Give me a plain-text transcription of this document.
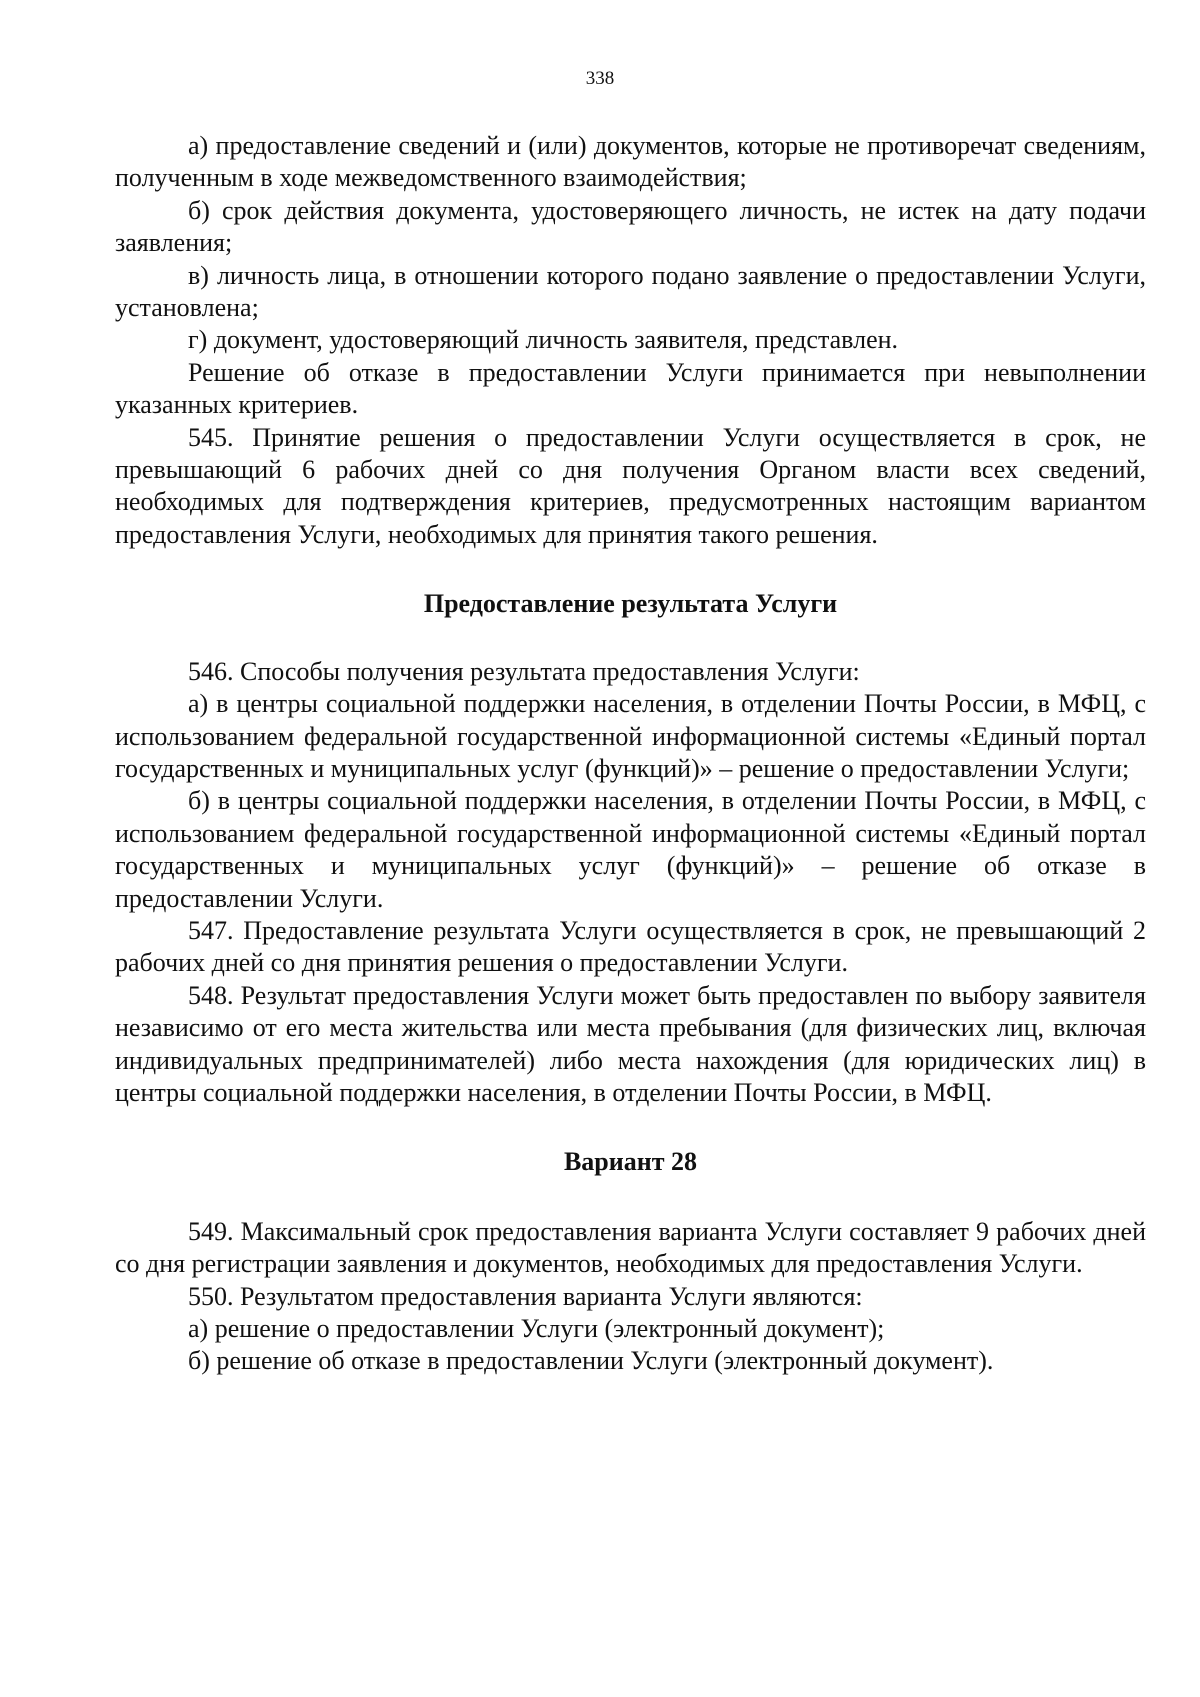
338

а) предоставление сведений и (или) документов, которые не противоречат сведениям, полученным в ходе межведомственного взаимодействия;

б) срок действия документа, удостоверяющего личность, не истек на дату подачи заявления;

в) личность лица, в отношении которого подано заявление о предоставлении Услуги, установлена;

г) документ, удостоверяющий личность заявителя, представлен.

Решение об отказе в предоставлении Услуги принимается при невыполнении указанных критериев.

545. Принятие решения о предоставлении Услуги осуществляется в срок, не превышающий 6 рабочих дней со дня получения Органом власти всех сведений, необходимых для подтверждения критериев, предусмотренных настоящим вариантом предоставления Услуги, необходимых для принятия такого решения.

Предоставление результата Услуги

546. Способы получения результата предоставления Услуги:

а) в центры социальной поддержки населения, в отделении Почты России, в МФЦ, с использованием федеральной государственной информационной системы «Единый портал государственных и муниципальных услуг (функций)» – решение о предоставлении Услуги;

б) в центры социальной поддержки населения, в отделении Почты России, в МФЦ, с использованием федеральной государственной информационной системы «Единый портал государственных и муниципальных услуг (функций)» – решение об отказе в предоставлении Услуги.

547. Предоставление результата Услуги осуществляется в срок, не превышающий 2 рабочих дней со дня принятия решения о предоставлении Услуги.

548. Результат предоставления Услуги может быть предоставлен по выбору заявителя независимо от его места жительства или места пребывания (для физических лиц, включая индивидуальных предпринимателей) либо места нахождения (для юридических лиц) в центры социальной поддержки населения, в отделении Почты России, в МФЦ.

Вариант 28

549. Максимальный срок предоставления варианта Услуги составляет 9 рабочих дней со дня регистрации заявления и документов, необходимых для предоставления Услуги.

550. Результатом предоставления варианта Услуги являются:

а) решение о предоставлении Услуги (электронный документ);

б) решение об отказе в предоставлении Услуги (электронный документ).
